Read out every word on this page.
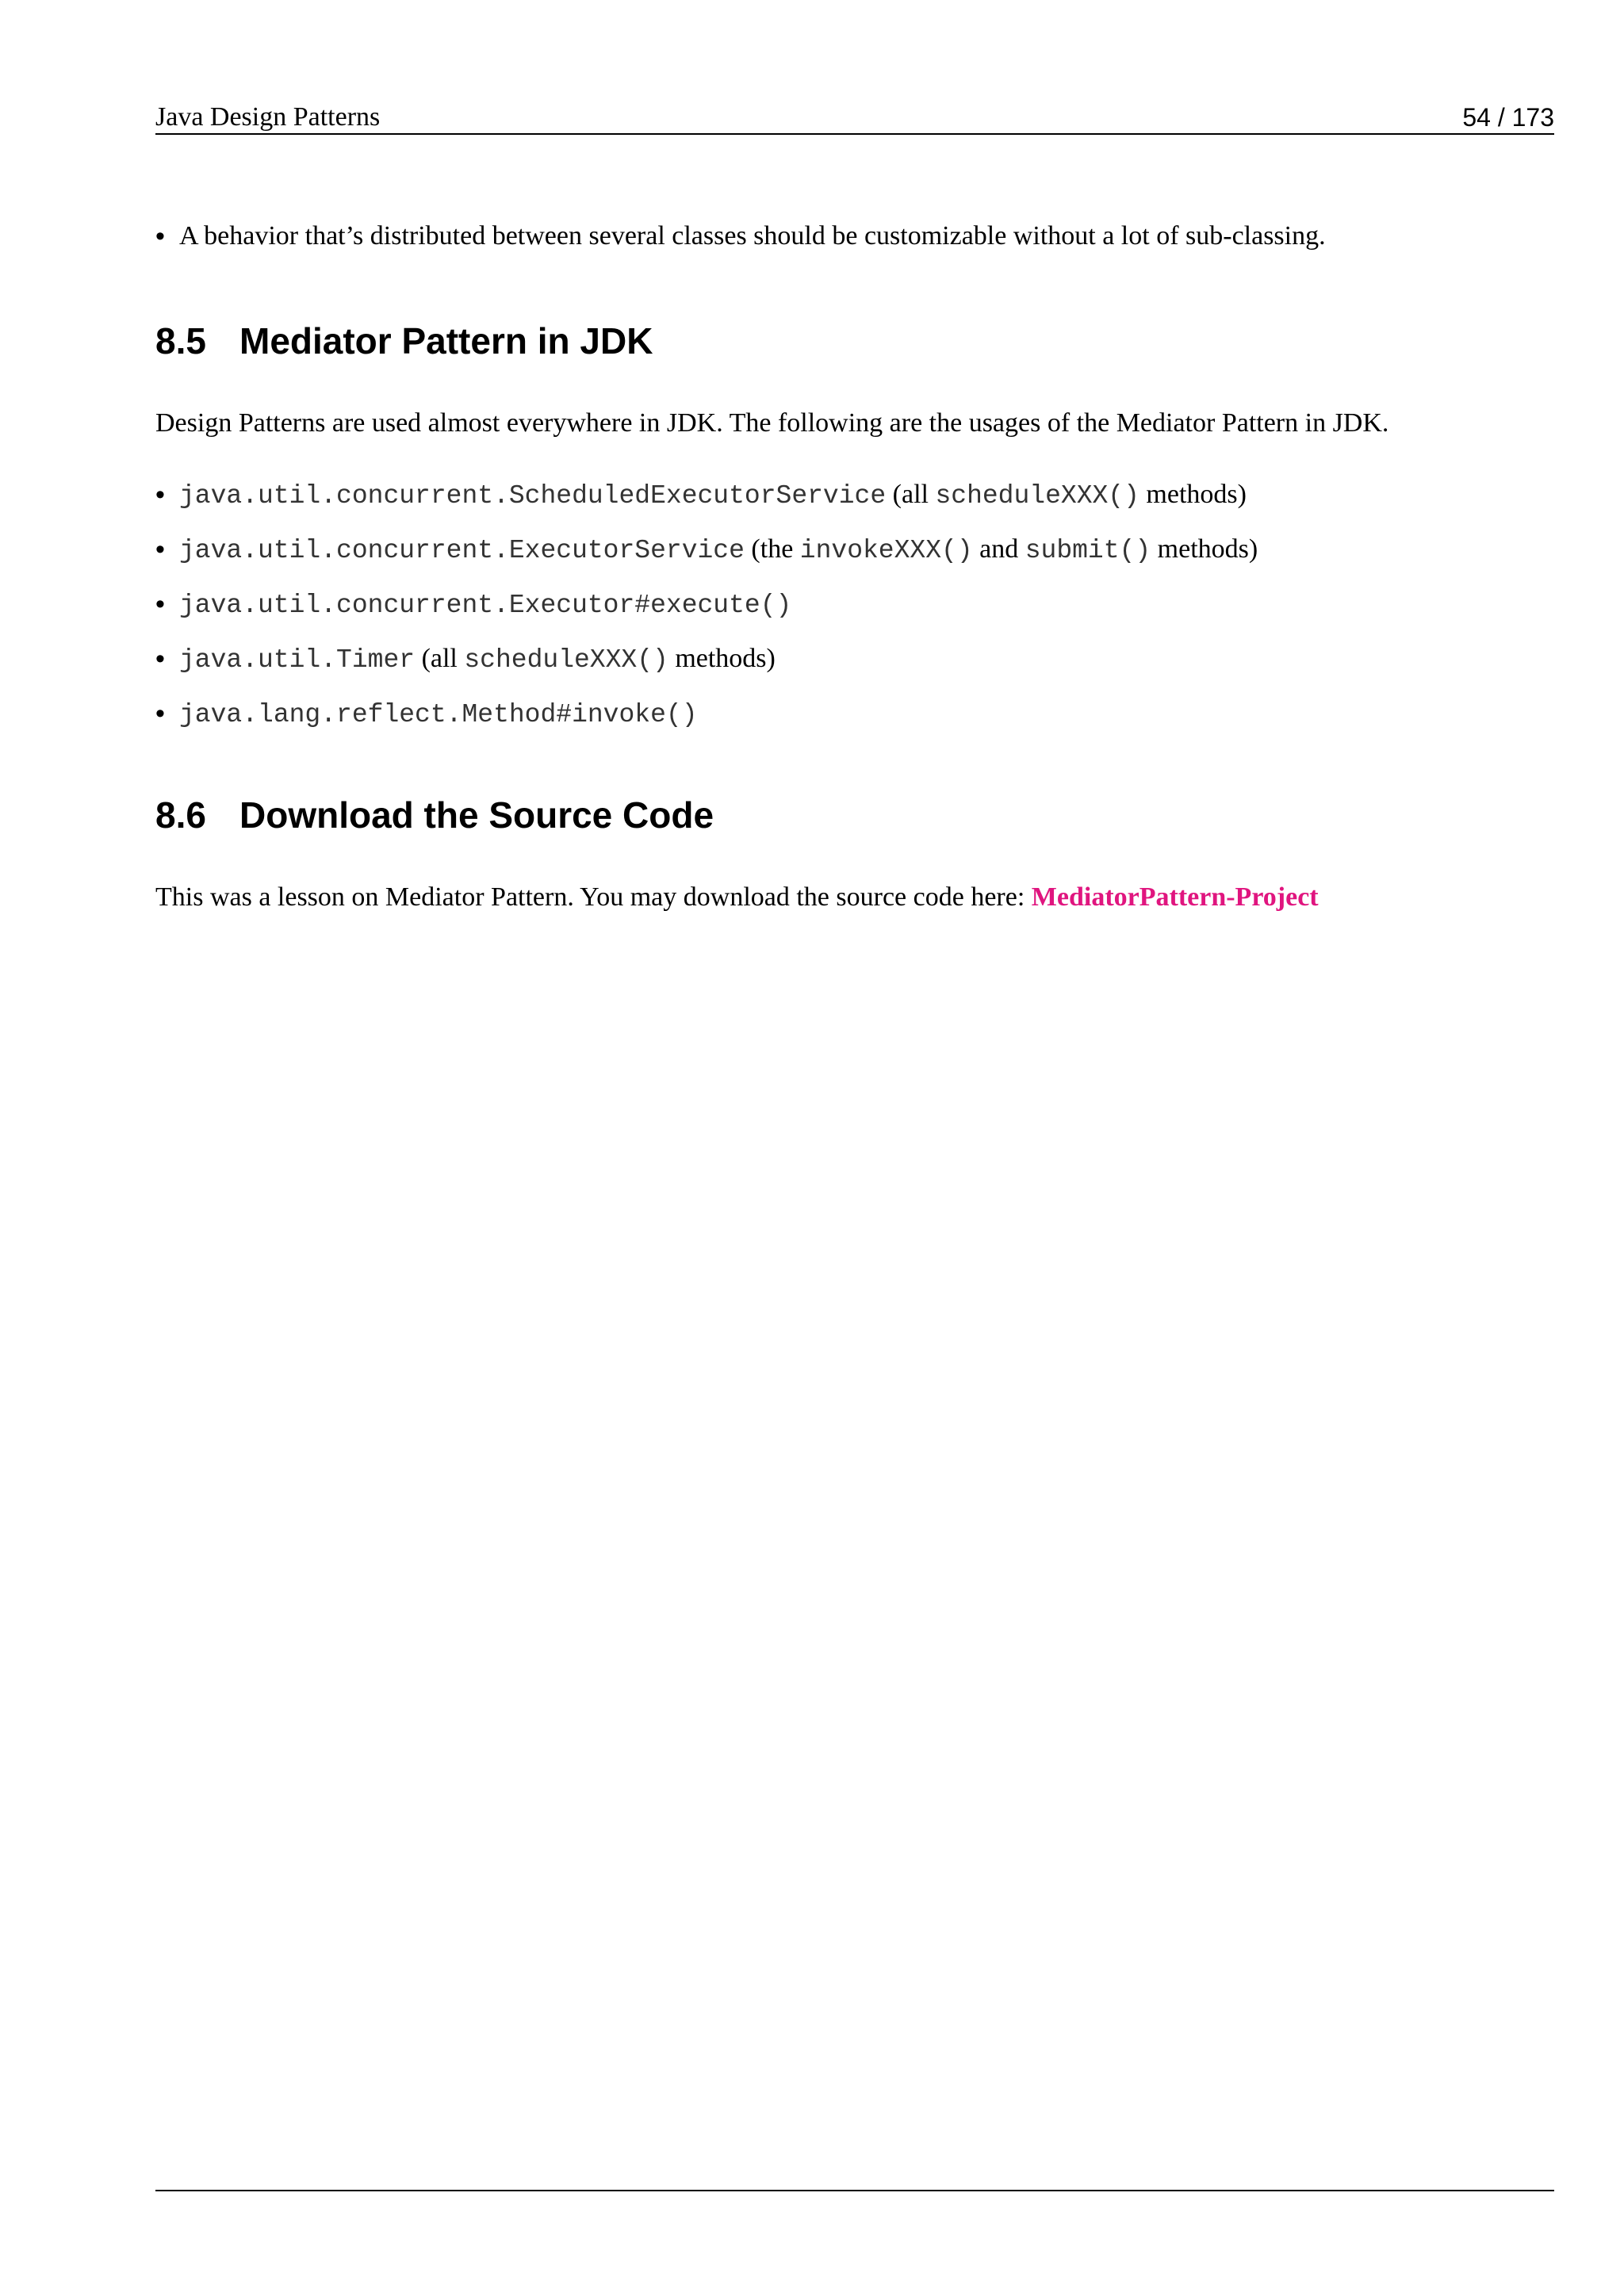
Java Design Patterns	54 / 173
• A behavior that’s distributed between several classes should be customizable without a lot of sub-classing.
8.5 Mediator Pattern in JDK

Design Patterns are used almost everywhere in JDK. The following are the usages of the Mediator Pattern in JDK.

• java.util.concurrent.ScheduledExecutorService (all scheduleXXX() methods)
• java.util.concurrent.ExecutorService (the invokeXXX() and submit() methods)
• java.util.concurrent.Executor#execute()
• java.util.Timer (all scheduleXXX() methods)
• java.lang.reflect.Method#invoke()
8.6 Download the Source Code

This was a lesson on Mediator Pattern. You may download the source code here: MediatorPattern-Project
